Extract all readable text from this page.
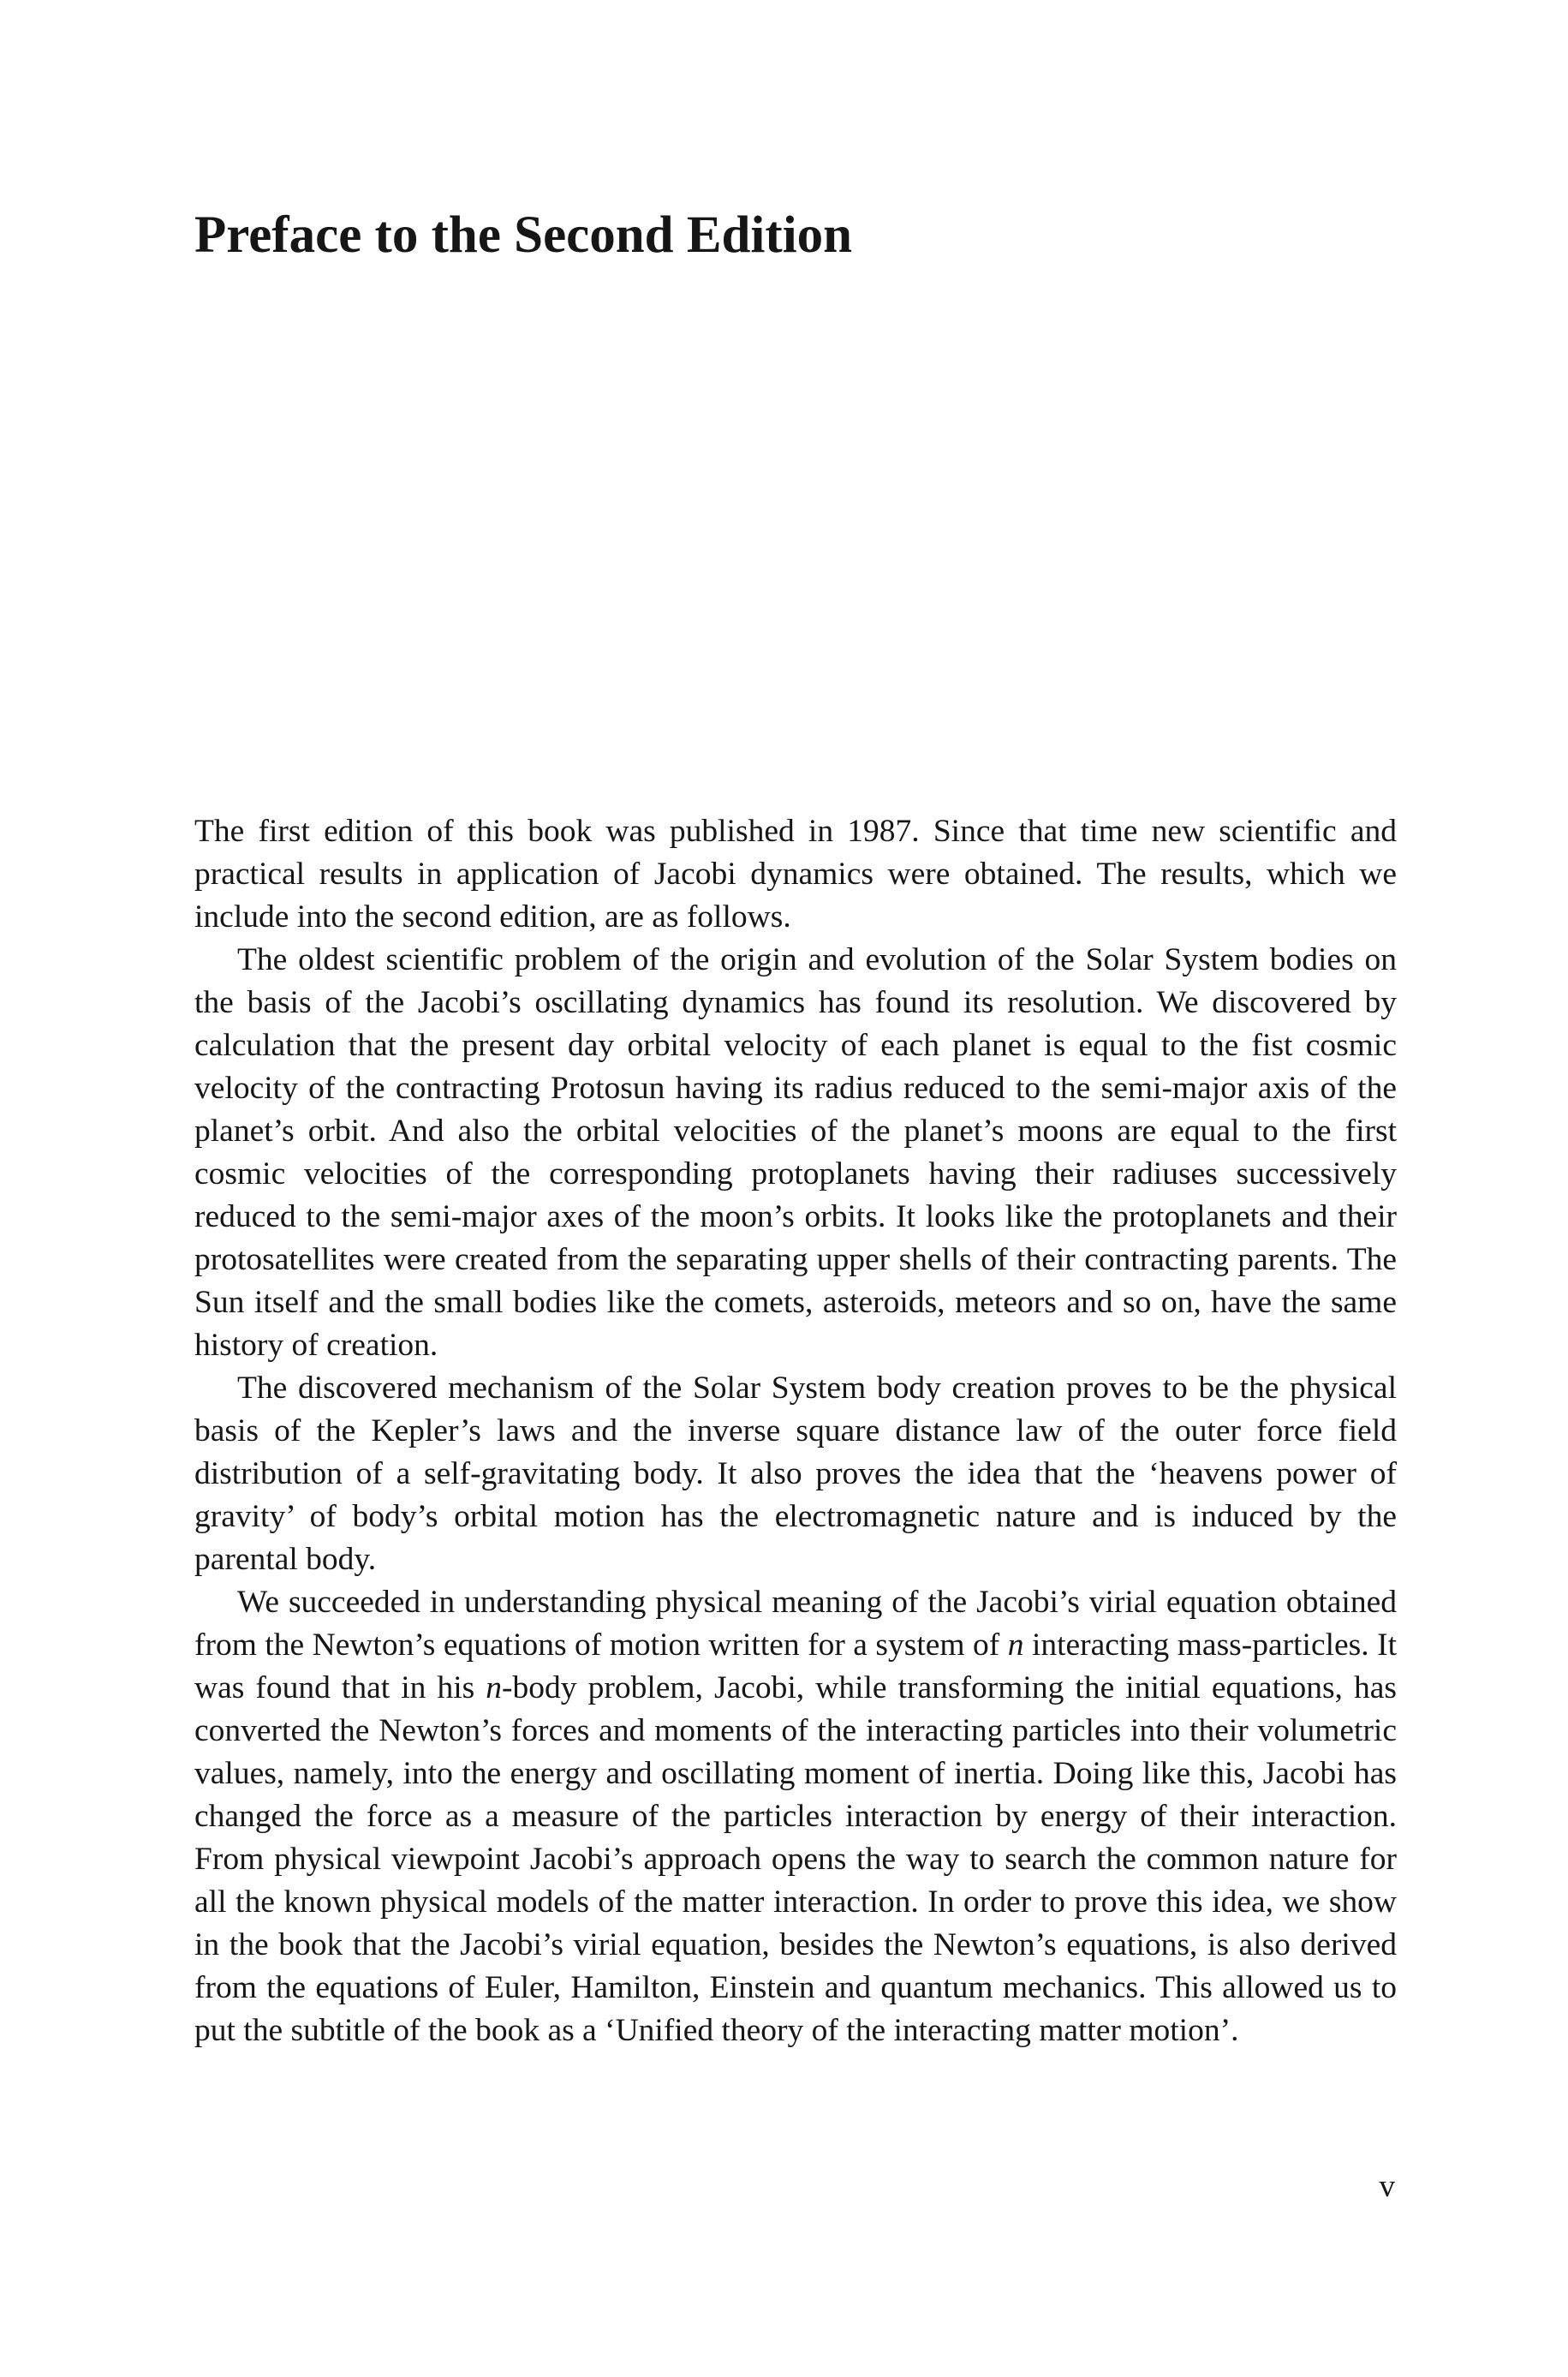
Preface to the Second Edition

The first edition of this book was published in 1987. Since that time new scientific and practical results in application of Jacobi dynamics were obtained. The results, which we include into the second edition, are as follows.

The oldest scientific problem of the origin and evolution of the Solar System bodies on the basis of the Jacobi’s oscillating dynamics has found its resolution. We discovered by calculation that the present day orbital velocity of each planet is equal to the fist cosmic velocity of the contracting Protosun having its radius reduced to the semi-major axis of the planet’s orbit. And also the orbital velocities of the planet’s moons are equal to the first cosmic velocities of the corresponding protoplanets having their radiuses successively reduced to the semi-major axes of the moon’s orbits. It looks like the protoplanets and their protosatellites were created from the separating upper shells of their contracting parents. The Sun itself and the small bodies like the comets, asteroids, meteors and so on, have the same history of creation.

The discovered mechanism of the Solar System body creation proves to be the physical basis of the Kepler’s laws and the inverse square distance law of the outer force field distribution of a self-gravitating body. It also proves the idea that the ‘heavens power of gravity’ of body’s orbital motion has the electromagnetic nature and is induced by the parental body.

We succeeded in understanding physical meaning of the Jacobi’s virial equation obtained from the Newton’s equations of motion written for a system of n interacting mass-particles. It was found that in his n-body problem, Jacobi, while transforming the initial equations, has converted the Newton’s forces and moments of the interacting particles into their volumetric values, namely, into the energy and oscillating moment of inertia. Doing like this, Jacobi has changed the force as a measure of the particles interaction by energy of their interaction. From physical viewpoint Jacobi’s approach opens the way to search the common nature for all the known physical models of the matter interaction. In order to prove this idea, we show in the book that the Jacobi’s virial equation, besides the Newton’s equations, is also derived from the equations of Euler, Hamilton, Einstein and quantum mechanics. This allowed us to put the subtitle of the book as a ‘Unified theory of the interacting matter motion’.

v
